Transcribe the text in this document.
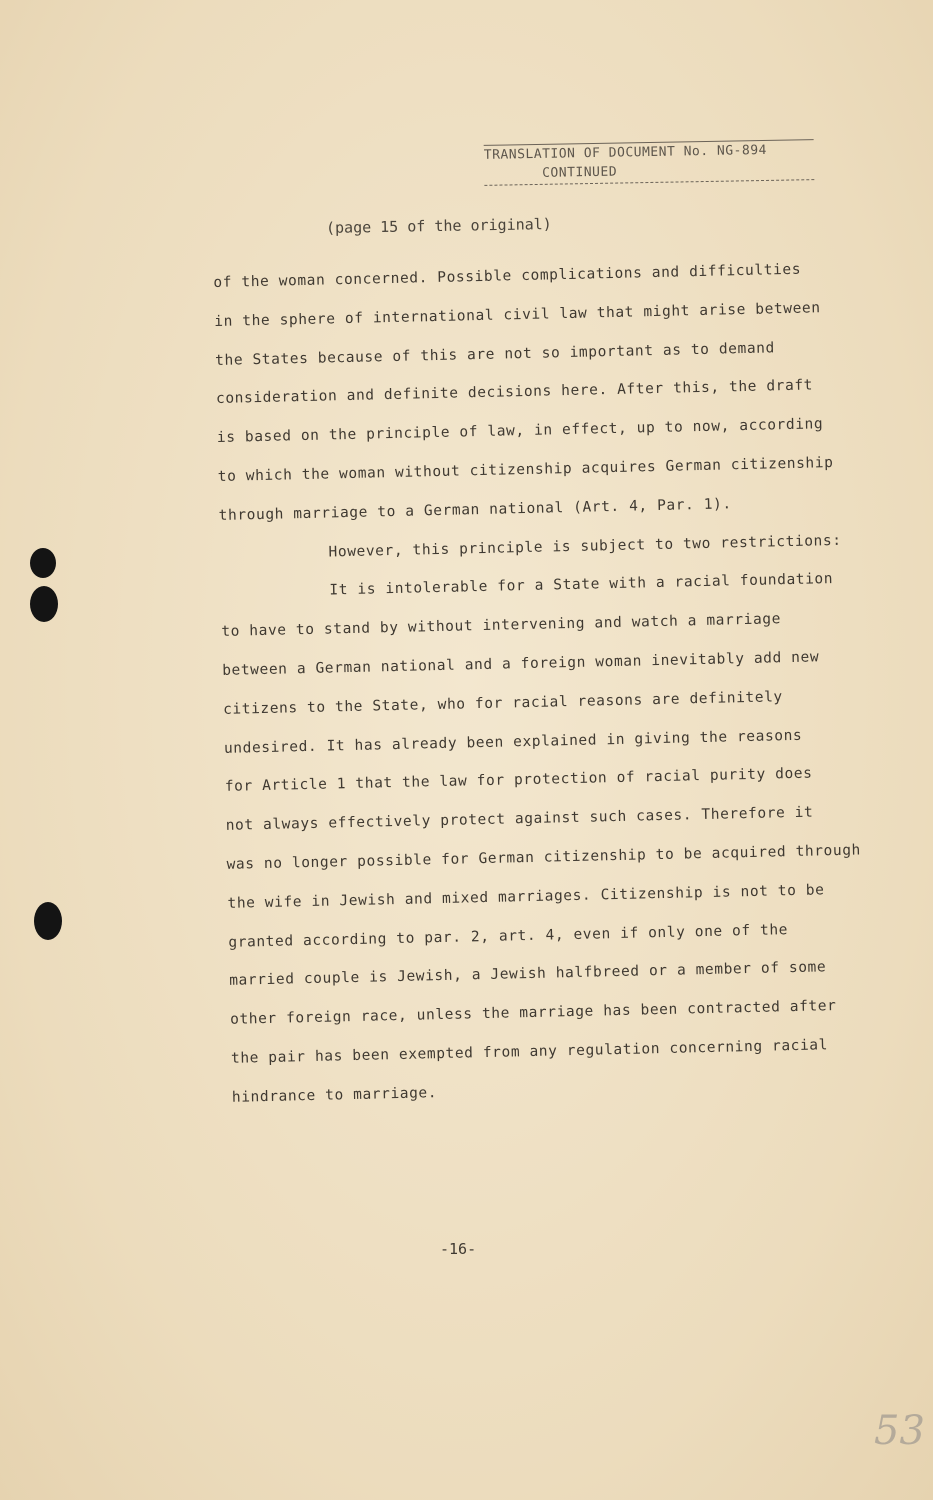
TRANSLATION OF DOCUMENT No. NG-894
CONTINUED
(page 15 of the original)
of the woman concerned. Possible complications and difficulties
in the sphere of international civil law that might arise between
the States because of this are not so important as to demand
consideration and definite decisions here. After this, the draft
is based on the principle of law, in effect, up to now, according
to which the woman without citizenship acquires German citizenship
through marriage to a German national (Art. 4, Par. 1).
However, this principle is subject to two restrictions:
It is intolerable for a State with a racial foundation
to have to stand by without intervening and watch a marriage
between a German national and a foreign woman inevitably add new
citizens to the State, who for racial reasons are definitely
undesired. It has already been explained in giving the reasons
for Article 1 that the law for protection of racial purity does
not always effectively protect against such cases. Therefore it
was no longer possible for German citizenship to be acquired through
the wife in Jewish and mixed marriages. Citizenship is not to be
granted according to par. 2, art. 4, even if only one of the
married couple is Jewish, a Jewish halfbreed or a member of some
other foreign race, unless the marriage has been contracted after
the pair has been exempted from any regulation concerning racial
hindrance to marriage.
-16-
53
